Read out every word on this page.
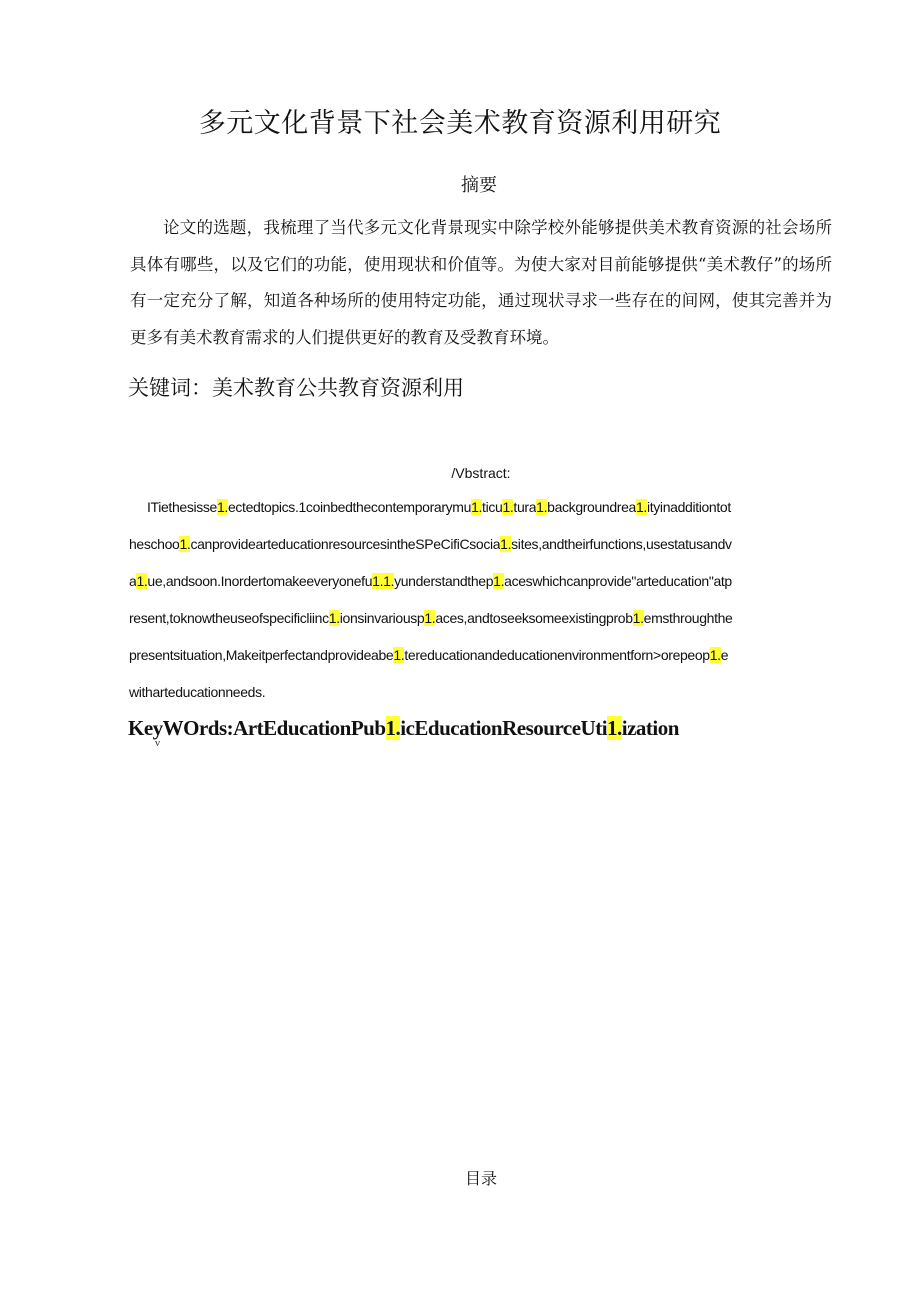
多元文化背景下社会美术教育资源利用研究
摘要
论文的选题，我梳理了当代多元文化背景现实中除学校外能够提供美术教育资源的社会场所具体有哪些，以及它们的功能，使用现状和价值等。为使大家对目前能够提供“美术教仔”的场所有一定充分了解，知道各种场所的使用特定功能，通过现状寻求一些存在的间网，使其完善并为更多有美术教育需求的人们提供更好的教育及受教育环境。
关键词：美术教育公共教育资源利用
/Vbstract:
ITiethesisse1.ectedtopics.1coinbedthecontemporarymu1.ticu1.tura1.backgroundrea1.ityinadditiontot
heschoo1.canprovidearteducationresourcesintheSPeCifiCsocia1.sites,andtheirfunctions,usestatusandv
a1.ue,andsoon.Inordertomakeeveryonefu1.1.yunderstandthep1.aceswhichcanprovide"arteducation"atp
resent,toknowtheuseofspecificliinc1.ionsinvariousp1.aces,andtoseeksomeexistingprob1.emsthroughthe
presentsituation,Makeitperfectandprovideabe1.tereducationandeducationenvironmentforn>orepeop1.e
witharteducationneeds.
KeyWOrds:ArtEducationPub1.icEducationResourceUti1.ization
ν
目录
